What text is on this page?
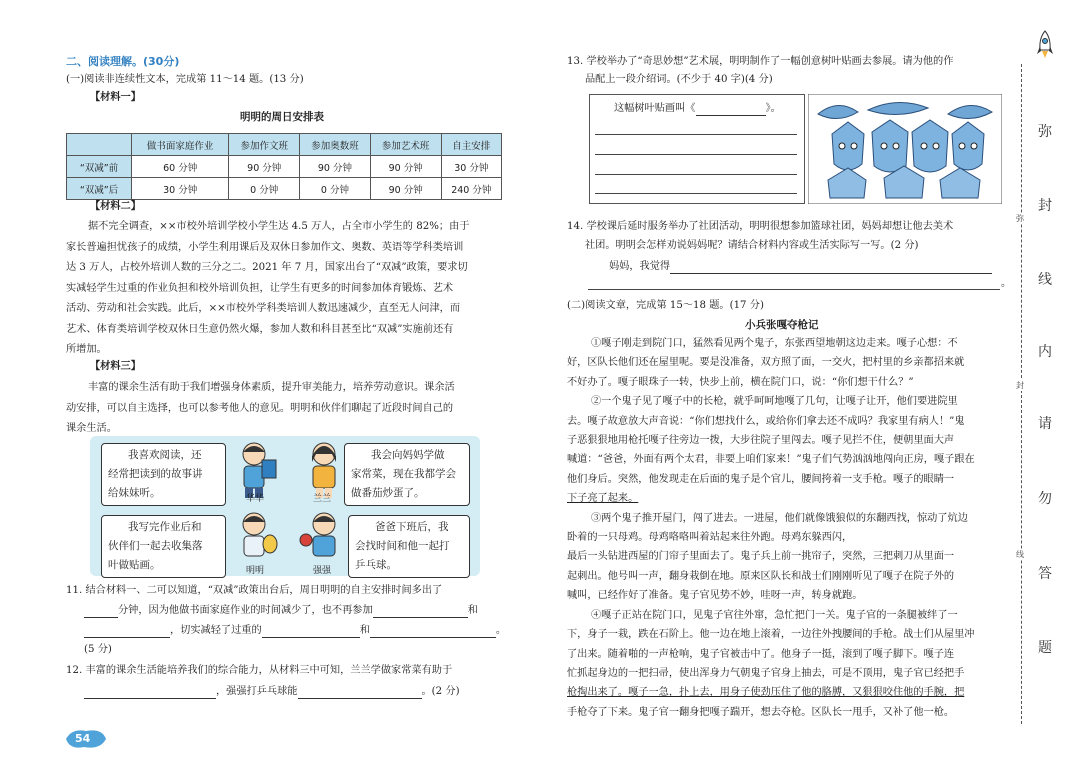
二、阅读理解。(30分)
(一)阅读非连续性文本，完成第 11～14 题。(13 分)
【材料一】
明明的周日安排表
	做书面家庭作业	参加作文班	参加奥数班	参加艺术班	自主安排
“双减”前	60 分钟	90 分钟	90 分钟	90 分钟	30 分钟
“双减”后	30 分钟	0 分钟	0 分钟	90 分钟	240 分钟
【材料二】
据不完全调查，××市校外培训学校小学生达 4.5 万人，占全市小学生的 82%；由于
家长普遍担忧孩子的成绩，小学生利用课后及双休日参加作文、奥数、英语等学科类培训
达 3 万人，占校外培训人数的三分之二。2021 年 7 月，国家出台了“双减”政策，要求切
实减轻学生过重的作业负担和校外培训负担，让学生有更多的时间参加体育锻炼、艺术
活动、劳动和社会实践。此后，××市校外学科类培训人数迅速减少，直至无人问津，而
艺术、体育类培训学校双休日生意仍然火爆，参加人数和科目甚至比“双减”实施前还有
所增加。
【材料三】
丰富的课余生活有助于我们增强身体素质，提升审美能力，培养劳动意识。课余活
动安排，可以自主选择，也可以参考他人的意见。明明和伙伴们聊起了近段时间自己的
课余生活。
我喜欢阅读，还
经常把读到的故事讲
给妹妹听。
我会向妈妈学做
家常菜，现在我都学会
做番茄炒蛋了。
我写完作业后和
伙伴们一起去收集落
叶做贴画。
爸爸下班后，我
会找时间和他一起打
乒乓球。
华华	兰兰
明明	强强
11. 结合材料一、二可以知道，“双减”政策出台后，周日明明的自主安排时间多出了
分钟，因为他做书面家庭作业的时间减少了，也不再参加	和
，切实减轻了过重的	和	。
(5 分)
12. 丰富的课余生活能培养我们的综合能力，从材料三中可知，兰兰学做家常菜有助于
，强强打乒乓球能	。(2 分)
54
13. 学校举办了“奇思妙想”艺术展，明明制作了一幅创意树叶贴画去参展。请为他的作
品配上一段介绍词。(不少于 40 字)(4 分)
这幅树叶贴画叫《	》。
14. 学校课后延时服务举办了社团活动，明明很想参加篮球社团，妈妈却想让他去美术
社团。明明会怎样劝说妈妈呢？请结合材料内容或生活实际写一写。(2 分)
妈妈，我觉得
。
(二)阅读文章，完成第 15～18 题。(17 分)
小兵张嘎夺枪记
①嘎子刚走到院门口，猛然看见两个鬼子，东张西望地朝这边走来。嘎子心想：不
好，区队长他们还在屋里呢。要是没准备，双方照了面，一交火，把村里的乡亲都招来就
不好办了。嘎子眼珠子一转，快步上前，横在院门口，说：“你们想干什么？”
②一个鬼子见了嘎子中的长枪，就乎呵呵地嘎了几句，让嘎子让开，他们要进院里
去。嘎子故意放大声音说：“你们想找什么，或给你们拿去还不成吗？我家里有病人！”鬼
子恶狠狠地用枪托嘎子往旁边一拨，大步往院子里闯去。嘎子见拦不住，便朝里面大声
喊道：“爸爸，外面有两个太君，非要上咱们家来！”鬼子们气势汹汹地闯向正房，嘎子跟在
他们身后。突然，他发现走在后面的鬼子是个官儿，腰间挎着一支手枪。嘎子的眼睛一
下子亮了起来。
③两个鬼子推开屋门，闯了进去。一进屋，他们就像饿狼似的东翻西找，惊动了炕边
卧着的一只母鸡。母鸡咯咯叫着站起来往外跑。母鸡东躲西闪，
最后一头钻进西屋的门帘子里面去了。鬼子兵上前一挑帘子，突然，三把刺刀从里面一
起刺出。他号叫一声，翻身栽倒在地。原来区队长和战士们刚刚听见了嘎子在院子外的
喊叫，已经作好了准备。鬼子官见势不妙，哇呀一声，转身就跑。
④嘎子正站在院门口，见鬼子官往外窜，急忙把门一关。鬼子官的一条腿被绊了一
下，身子一栽，跌在石阶上。他一边在地上滚着，一边往外拽腰间的手枪。战士们从屋里冲
了出来。随着啪的一声枪响，鬼子官被击中了。他身子一挺，滚到了嘎子脚下。嘎子连
忙抓起身边的一把扫帚，使出浑身力气朝鬼子官身上抽去，可是不顶用，鬼子官已经把手
枪掏出来了。嘎子一急，扑上去，用身子使劲压住了他的胳膊，又狠狠咬住他的手腕，把
手枪夺了下来。鬼子官一翻身把嘎子踹开，想去夺枪。区队长一甩手，又补了他一枪。
弥
封
线
内
请
勿
答
题
弥
封
线
